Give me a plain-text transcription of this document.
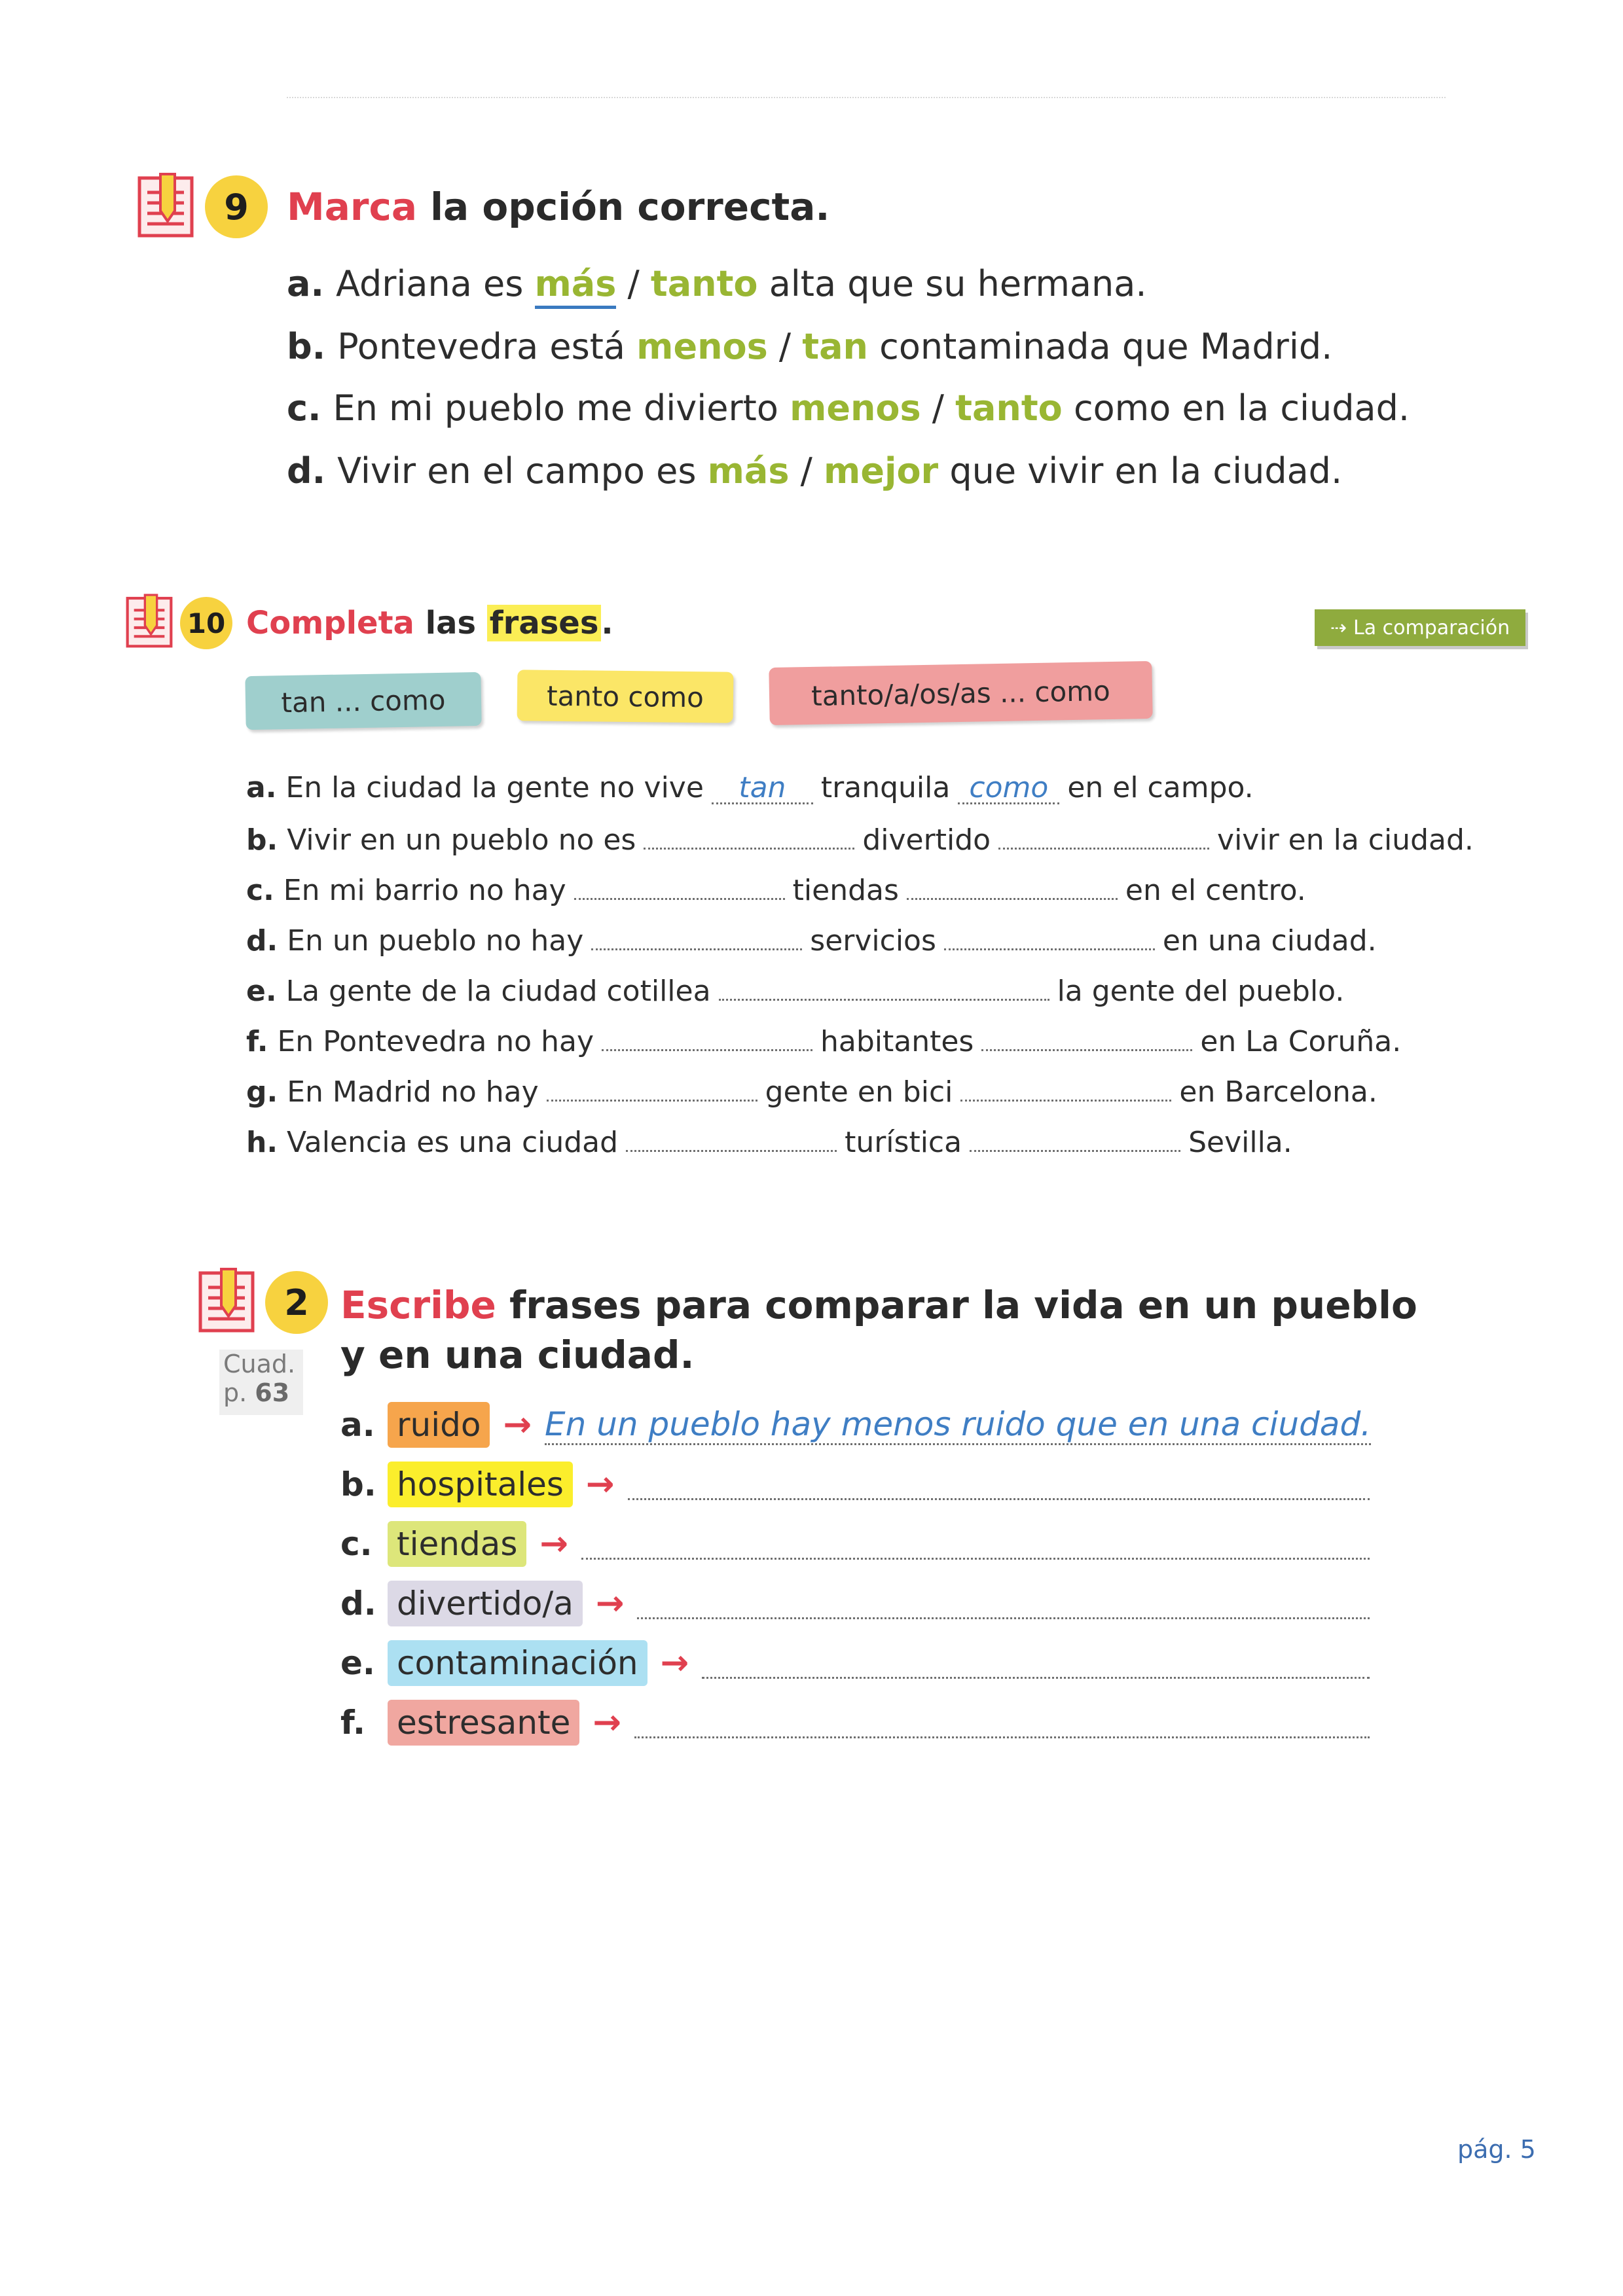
9	Marca la opción correcta.
a. Adriana es más / tanto alta que su hermana.
b. Pontevedra está menos / tan contaminada que Madrid.
c. En mi pueblo me divierto menos / tanto como en la ciudad.
d. Vivir en el campo es más / mejor que vivir en la ciudad.
10 Completa las frases.	⇢ La comparación
tan ... como	tanto como	tanto/a/os/as ... como
a. En la ciudad la gente no vive tan tranquila como en el campo.
b. Vivir en un pueblo no es	divertido	vivir en la ciudad.
c. En mi barrio no hay	tiendas	en el centro.
d. En un pueblo no hay	servicios	en una ciudad.
e. La gente de la ciudad cotillea	la gente del pueblo.
f. En Pontevedra no hay	habitantes	en La Coruña.
g. En Madrid no hay	gente en bici	en Barcelona.
h. Valencia es una ciudad	turística	Sevilla.
2
Cuad.
p. 63
Escribe frases para comparar la vida en un pueblo
y en una ciudad.
a. ruido → En un pueblo hay menos ruido que en una ciudad.
b. hospitales →
c. tiendas →
d. divertido/a →
e. contaminación →
f. estresante →
pág. 5
